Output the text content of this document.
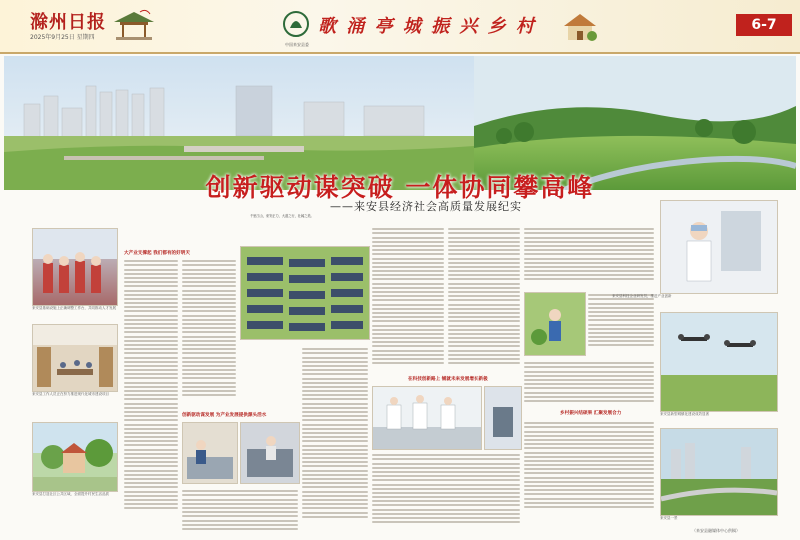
滁州日报
2025年9月25日 星期四
中国来安县委
歌 涌 亭 城 振 兴 乡 村	6-7
创新驱动谋突破 一体协同攀高峰
——来安县经济社会高质量发展纪实
千里江山，来安正力，大道之行，壮阔之美。
来安县基础设施上正确调整工作台，共同推动人才发展
来安县工作人员正在努力推进现代化城市建设项目
来安县打造社区公共区域，全面提升村民生活品质
大产业支撑起 我们都有的好明天
创新驱动谋发展 为产业发展提供源头活水
在科技创新路上 铺就未来发展增长新极
乡村振兴结硕果 汇聚发展合力
（来安县融媒体中心供稿）
来安县科技企业研发员，推进产业创新
来安县新型城镇化建设成效显著
来安县一景
